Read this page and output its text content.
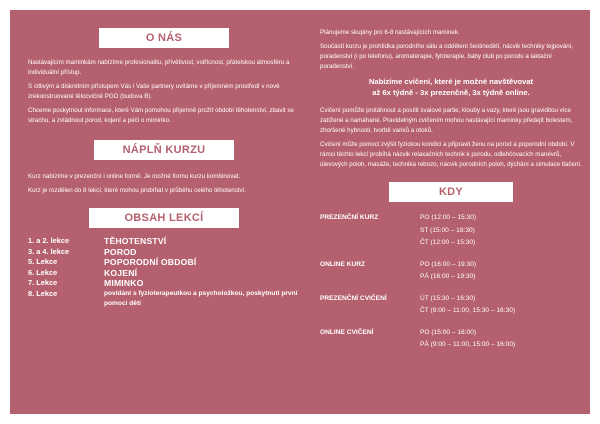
O NÁS

Nastávajícím maminkám nabízíme profesionalitu, přívětivost, vstřícnost, přátelskou atmosféru a individuální přístup.

S citlivým a diskrétním přístupem Vás i Vaše partnery uvítáme v příjemném prostředí v nově zrekonstruované tělocvičně PGO (budova B).

Chceme poskytnout informace, které Vám pomohou přijemně prožít období těhotenství, zbavit se strachu, a zvládnout porod, kojení a péči o miminko.

NÁPLŇ KURZU

Kurz nabízíme v prezenční i online formě. Je možné formu kurzu kombinovat.

Kurz je rozdělen do 8 lekcí, které mohou probíhat v průběhu celého těhotenství.

OBSAH LEKCÍ
1. a 2. lekce	TĚHOTENSTVÍ
3. a 4. lekce	POROD
5. Lekce	POPORODNÍ OBDOBÍ
6. Lekce	KOJENÍ
7. Lekce	MIMINKO
8. Lekce	povídání s fyzioterapeutkou a psycholožkou, poskytnutí první pomoci dětí

Plánujeme skupiny pro 6-8 nastávajících maminek.

Součástí kurzu je prohlídka porodního sálu a oddělení šestinedělí, nácvik techniky tejpování, poradenství (i po telefonu), aromaterapie, fytoterapie, baby club po porodu a laktační poradenství.

Nabízíme cvičení, které je možné navštěvovat
až 6x týdně - 3x prezenčně, 3x týdně online.

Cvičení pomůže protáhnout a posílit svalové partie, klouby a vazy, které jsou graviditou více zatížené a namáhané. Pravidelným cvičením mohou nastávající maminky předejít bolestem, zhoršené hybnosti, tvorbě varixů a otoků.

Cvičení může pomoci zvýšit fyzickou kondici a připravit ženu na porod a poporodní období. V rámci těchto lekcí probíhá nácvik relaxačních technik k porodu, odlehčovacích manévrů, úlevových poloh, masáže, technika rebozo, nácvik porodních poloh, dýchání a simulace tlačení.

KDY
PREZENČNÍ KURZ	PO (12:00 – 15:30)
ST (15:00 – 18:30)
ČT (12:00 – 15:30)
ONLINE KURZ	PO (16:00 – 19:30)
PÁ (16:00 – 19:30)
PREZENČNÍ CVIČENÍ	ÚT (15:30 – 16:30)
ČT (9:00 – 11:00, 15:30 – 16:30)
ONLINE CVIČENÍ	PO (15:00 – 16:00)
PÁ (9:00 – 11:00, 15:00 – 16:00)
